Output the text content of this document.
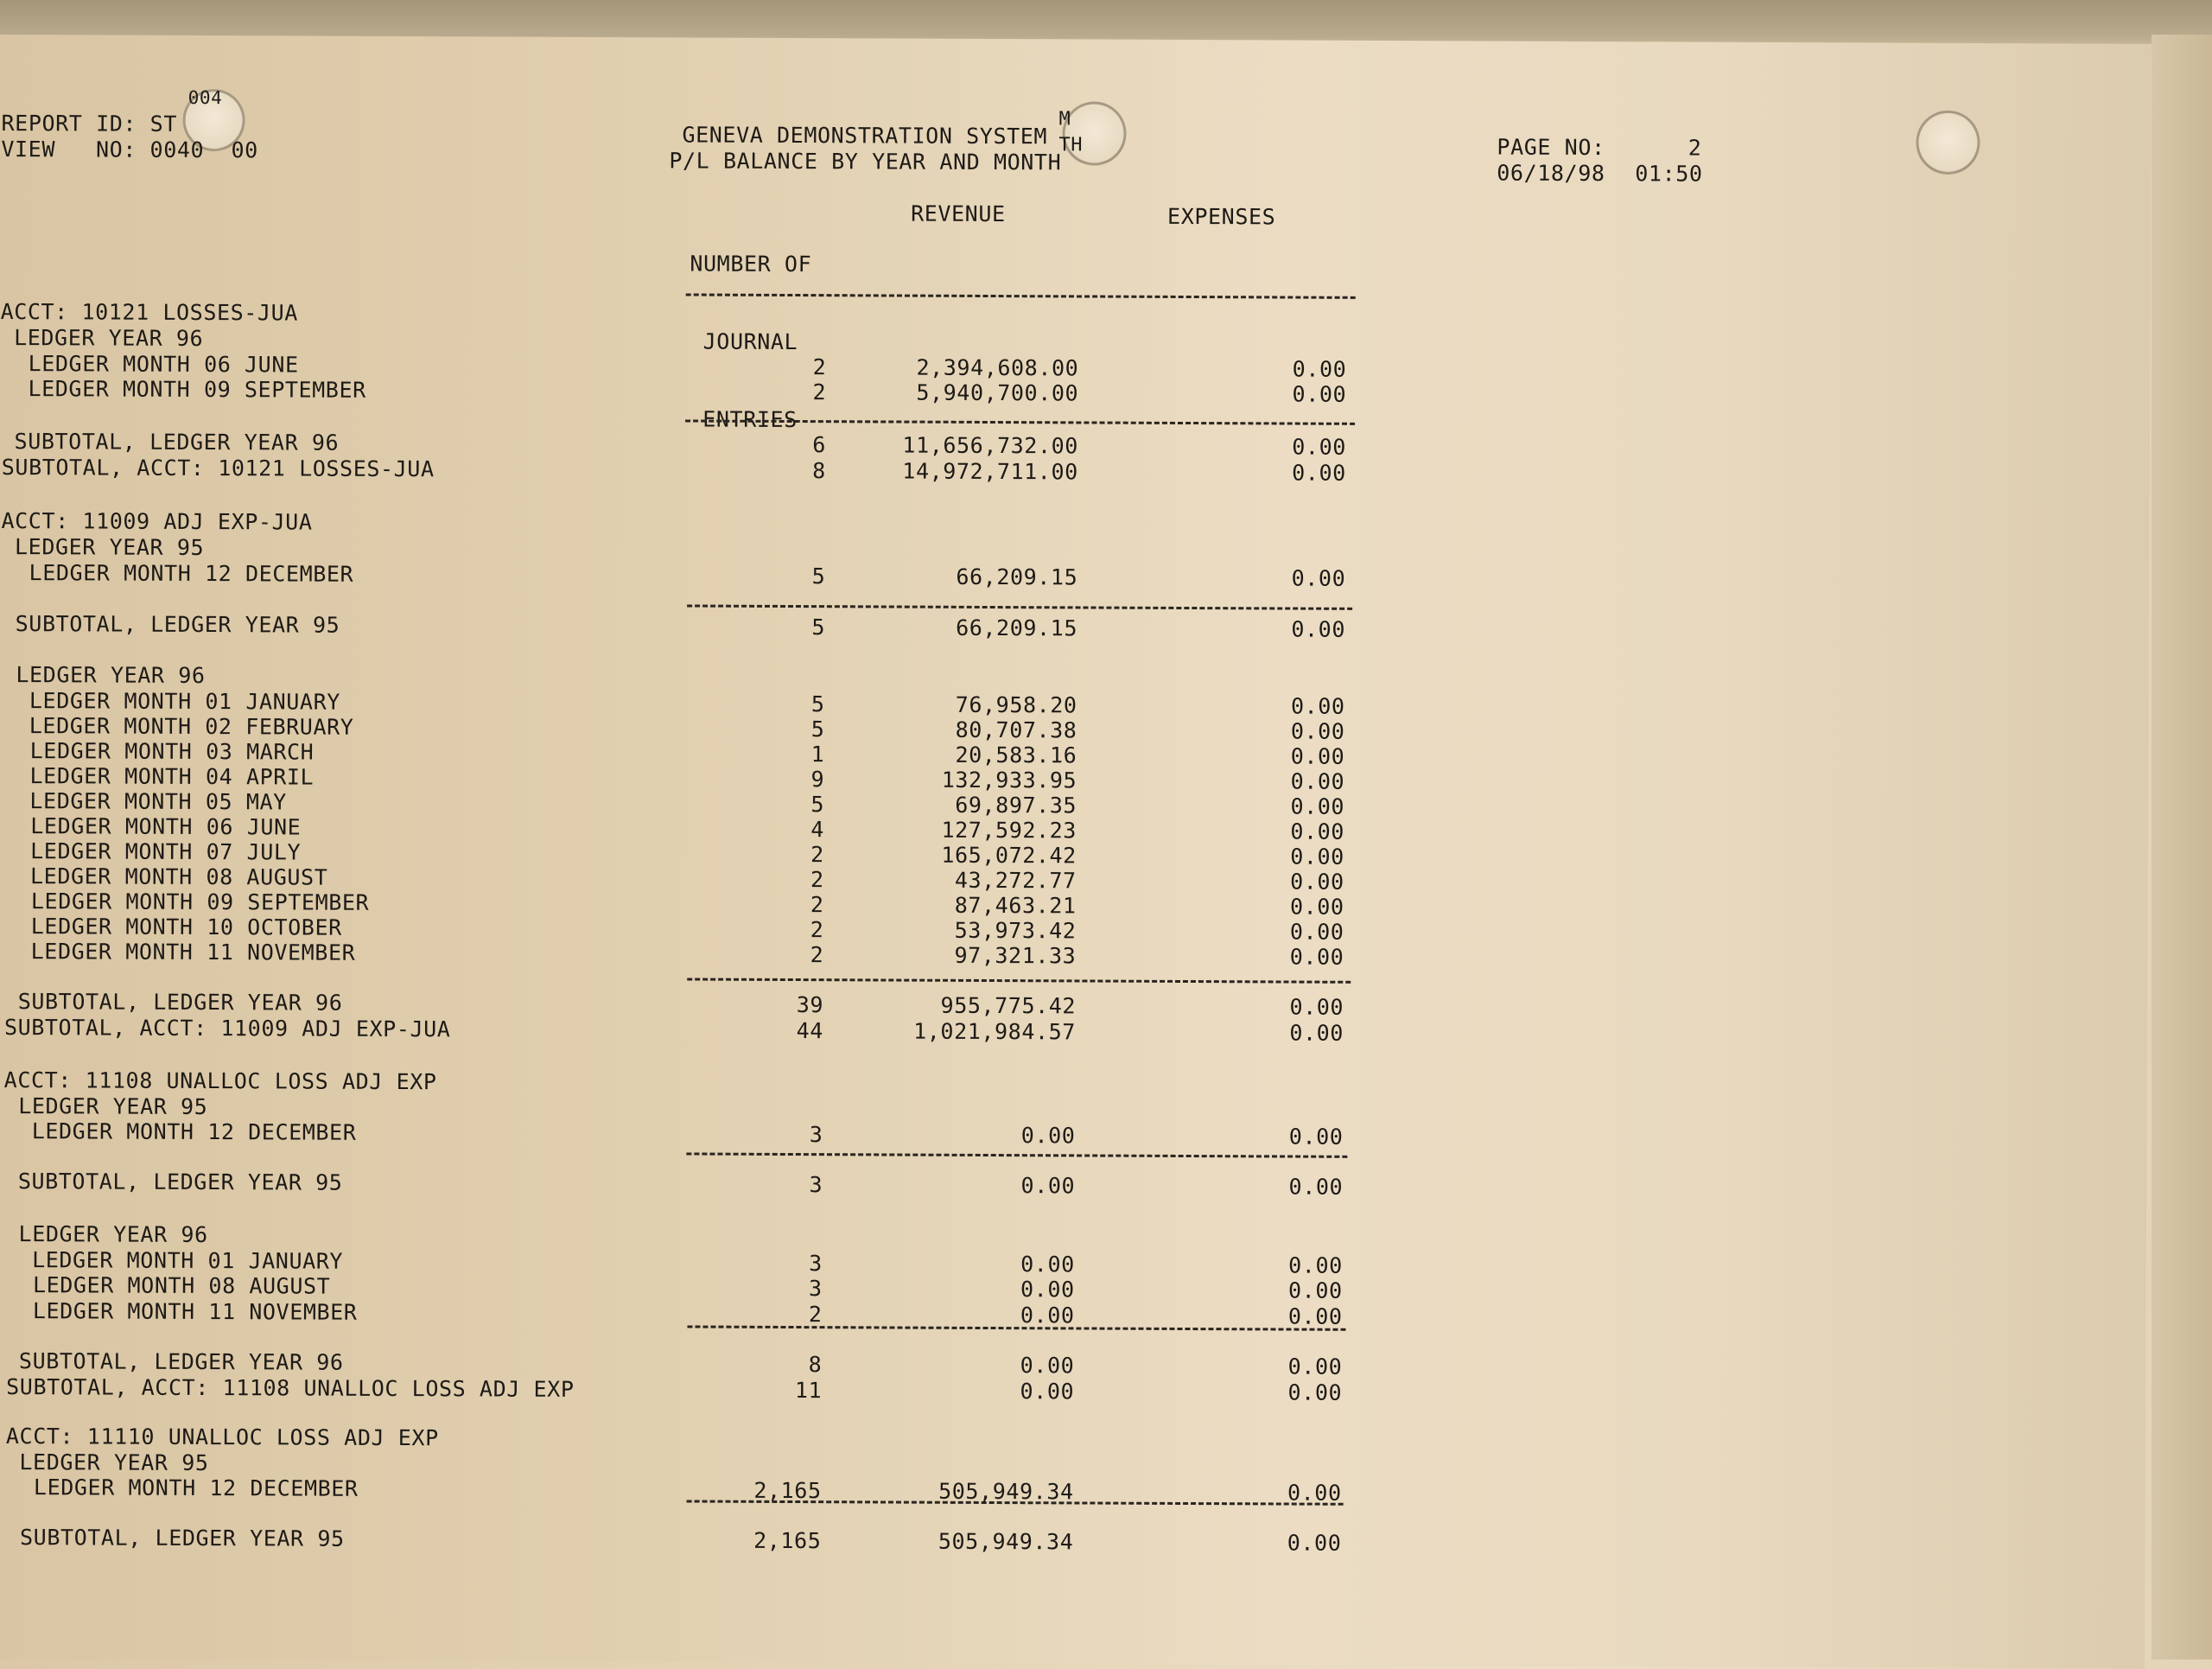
004
REPORT ID: ST
VIEW   NO: 0040  00
GENEVA DEMONSTRATION SYSTEM
P/L BALANCE BY YEAR AND MONTH
M
TH	PAGE NO:	2
06/18/98 01:50

NUMBER OF

JOURNAL

ENTRIES

REVENUE	EXPENSES
ACCT: 10121 LOSSES-JUA
LEDGER YEAR 96
LEDGER MONTH 06 JUNE	2	2,394,608.00	0.00
LEDGER MONTH 09 SEPTEMBER	2	5,940,700.00	0.00
SUBTOTAL, LEDGER YEAR 96	6	11,656,732.00	0.00
SUBTOTAL, ACCT: 10121 LOSSES-JUA	8	14,972,711.00	0.00
ACCT: 11009 ADJ EXP-JUA
LEDGER YEAR 95
LEDGER MONTH 12 DECEMBER	5	66,209.15	0.00
SUBTOTAL, LEDGER YEAR 95	5	66,209.15	0.00
LEDGER YEAR 96
LEDGER MONTH 01 JANUARY	5	76,958.20	0.00
LEDGER MONTH 02 FEBRUARY	5	80,707.38	0.00
LEDGER MONTH 03 MARCH	1	20,583.16	0.00
LEDGER MONTH 04 APRIL	9	132,933.95	0.00
LEDGER MONTH 05 MAY	5	69,897.35	0.00
LEDGER MONTH 06 JUNE	4	127,592.23	0.00
LEDGER MONTH 07 JULY	2	165,072.42	0.00
LEDGER MONTH 08 AUGUST	2	43,272.77	0.00
LEDGER MONTH 09 SEPTEMBER	2	87,463.21	0.00
LEDGER MONTH 10 OCTOBER	2	53,973.42	0.00
LEDGER MONTH 11 NOVEMBER	2	97,321.33	0.00
SUBTOTAL, LEDGER YEAR 96	39	955,775.42	0.00
SUBTOTAL, ACCT: 11009 ADJ EXP-JUA	44	1,021,984.57	0.00
ACCT: 11108 UNALLOC LOSS ADJ EXP
LEDGER YEAR 95
LEDGER MONTH 12 DECEMBER	3	0.00	0.00
SUBTOTAL, LEDGER YEAR 95	3	0.00	0.00
LEDGER YEAR 96
LEDGER MONTH 01 JANUARY	3	0.00	0.00
LEDGER MONTH 08 AUGUST	3	0.00	0.00
LEDGER MONTH 11 NOVEMBER	2	0.00	0.00
SUBTOTAL, LEDGER YEAR 96	8	0.00	0.00
SUBTOTAL, ACCT: 11108 UNALLOC LOSS ADJ EXP	11	0.00	0.00
ACCT: 11110 UNALLOC LOSS ADJ EXP
LEDGER YEAR 95
LEDGER MONTH 12 DECEMBER	2,165	505,949.34	0.00
SUBTOTAL, LEDGER YEAR 95	2,165	505,949.34	0.00
